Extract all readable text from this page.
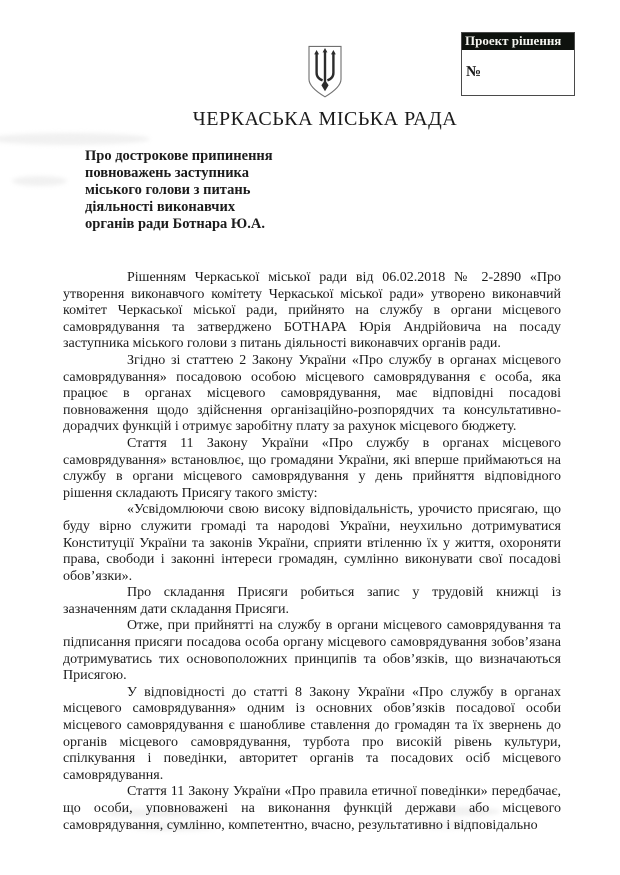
Проект рішення
№
ЧЕРКАСЬКА МІСЬКА РАДА
Про дострокове припинення
повноважень заступника
міського голови з питань
діяльності виконавчих
органів ради Ботнара Ю.А.

Рішенням Черкаської міської ради від 06.02.2018 № 2-2890 «Про утворення виконавчого комітету Черкаської міської ради» утворено виконавчий комітет Черкаської міської ради, прийнято на службу в органи місцевого самоврядування та затверджено БОТНАРА Юрія Андрійовича на посаду заступника міського голови з питань діяльності виконавчих органів ради.

Згідно зі статтею 2 Закону України «Про службу в органах місцевого самоврядування» посадовою особою місцевого самоврядування є особа, яка працює в органах місцевого самоврядування, має відповідні посадові повноваження щодо здійснення організаційно-розпорядчих та консультативно-дорадчих функцій і отримує заробітну плату за рахунок місцевого бюджету.

Стаття 11 Закону України «Про службу в органах місцевого самоврядування» встановлює, що громадяни України, які вперше приймаються на службу в органи місцевого самоврядування у день прийняття відповідного рішення складають Присягу такого змісту:

«Усвідомлюючи свою високу відповідальність, урочисто присягаю, що буду вірно служити громаді та народові України, неухильно дотримуватися Конституції України та законів України, сприяти втіленню їх у життя, охороняти права, свободи і законні інтереси громадян, сумлінно виконувати свої посадові обов’язки».

Про складання Присяги робиться запис у трудовій книжці із зазначенням дати складання Присяги.

Отже, при прийнятті на службу в органи місцевого самоврядування та підписання присяги посадова особа органу місцевого самоврядування зобов’язана дотримуватись тих основоположних принципів та обов’язків, що визначаються Присягою.

У відповідності до статті 8 Закону України «Про службу в органах місцевого самоврядування» одним із основних обов’язків посадової особи місцевого самоврядування є шанобливе ставлення до громадян та їх звернень до органів місцевого самоврядування, турбота про високій рівень культури, спілкування і поведінки, авторитет органів та посадових осіб місцевого самоврядування.

Стаття 11 Закону України «Про правила етичної поведінки» передбачає, що особи, уповноважені на виконання функцій держави або місцевого самоврядування, сумлінно, компетентно, вчасно, результативно і відповідально
